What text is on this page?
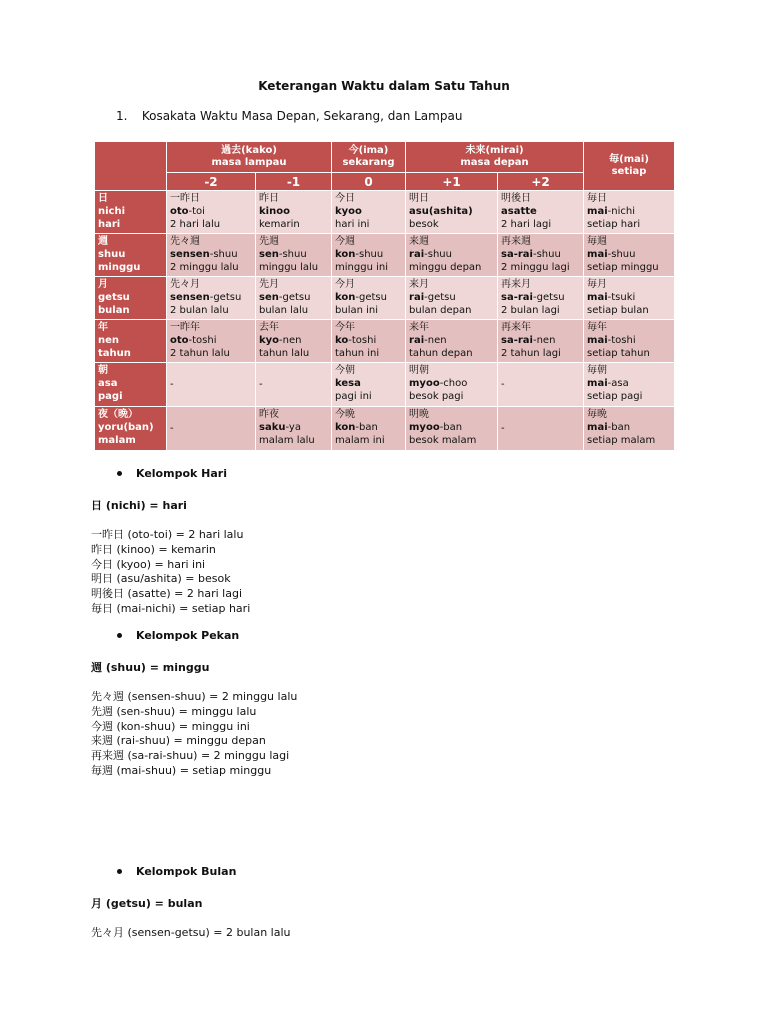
Keterangan Waktu dalam Satu Tahun
1. Kosakata Waktu Masa Depan, Sekarang, dan Lampau

	過去(kako)
masa lampau		今(ima)
sekarang	未来(mirai)
masa depan		毎(mai)
setiap

	-2	-1	0	+1	+2	

日
nichi
hari	一昨日
oto-toi
2 hari lalu	昨日
kinoo
kemarin	今日
kyoo
hari ini	明日
asu(ashita)
besok	明後日
asatte
2 hari lagi	毎日
mai-nichi
setiap hari

週
shuu
minggu	先々週
sensen-shuu
2 minggu lalu	先週
sen-shuu
minggu lalu	今週
kon-shuu
minggu ini	来週
rai-shuu
minggu depan	再来週
sa-rai-shuu
2 minggu lagi	毎週
mai-shuu
setiap minggu

月
getsu
bulan	先々月
sensen-getsu
2 bulan lalu	先月
sen-getsu
bulan lalu	今月
kon-getsu
bulan ini	来月
rai-getsu
bulan depan	再来月
sa-rai-getsu
2 bulan lagi	毎月
mai-tsuki
setiap bulan

年
nen
tahun	一昨年
oto-toshi
2 tahun lalu	去年
kyo-nen
tahun lalu	今年
ko-toshi
tahun ini	来年
rai-nen
tahun depan	再来年
sa-rai-nen
2 tahun lagi	毎年
mai-toshi
setiap tahun

朝
asa
pagi	-	-	今朝
kesa
pagi ini	明朝
myoo-choo
besok pagi	-	毎朝
mai-asa
setiap pagi

夜（晩）
yoru(ban)
malam	-	昨夜
saku-ya
malam lalu	今晩
kon-ban
malam ini	明晩
myoo-ban
besok malam	-	毎晩
mai-ban
setiap malam
Kelompok Hari
日 (nichi) = hari
一昨日 (oto-toi) = 2 hari lalu
昨日 (kinoo) = kemarin
今日 (kyoo) = hari ini
明日 (asu/ashita) = besok
明後日 (asatte) = 2 hari lagi
毎日 (mai-nichi) = setiap hari
Kelompok Pekan
週 (shuu) = minggu
先々週 (sensen-shuu) = 2 minggu lalu
先週 (sen-shuu) = minggu lalu
今週 (kon-shuu) = minggu ini
来週 (rai-shuu) = minggu depan
再来週 (sa-rai-shuu) = 2 minggu lagi
毎週 (mai-shuu) = setiap minggu
Kelompok Bulan
月 (getsu) = bulan
先々月 (sensen-getsu) = 2 bulan lalu
